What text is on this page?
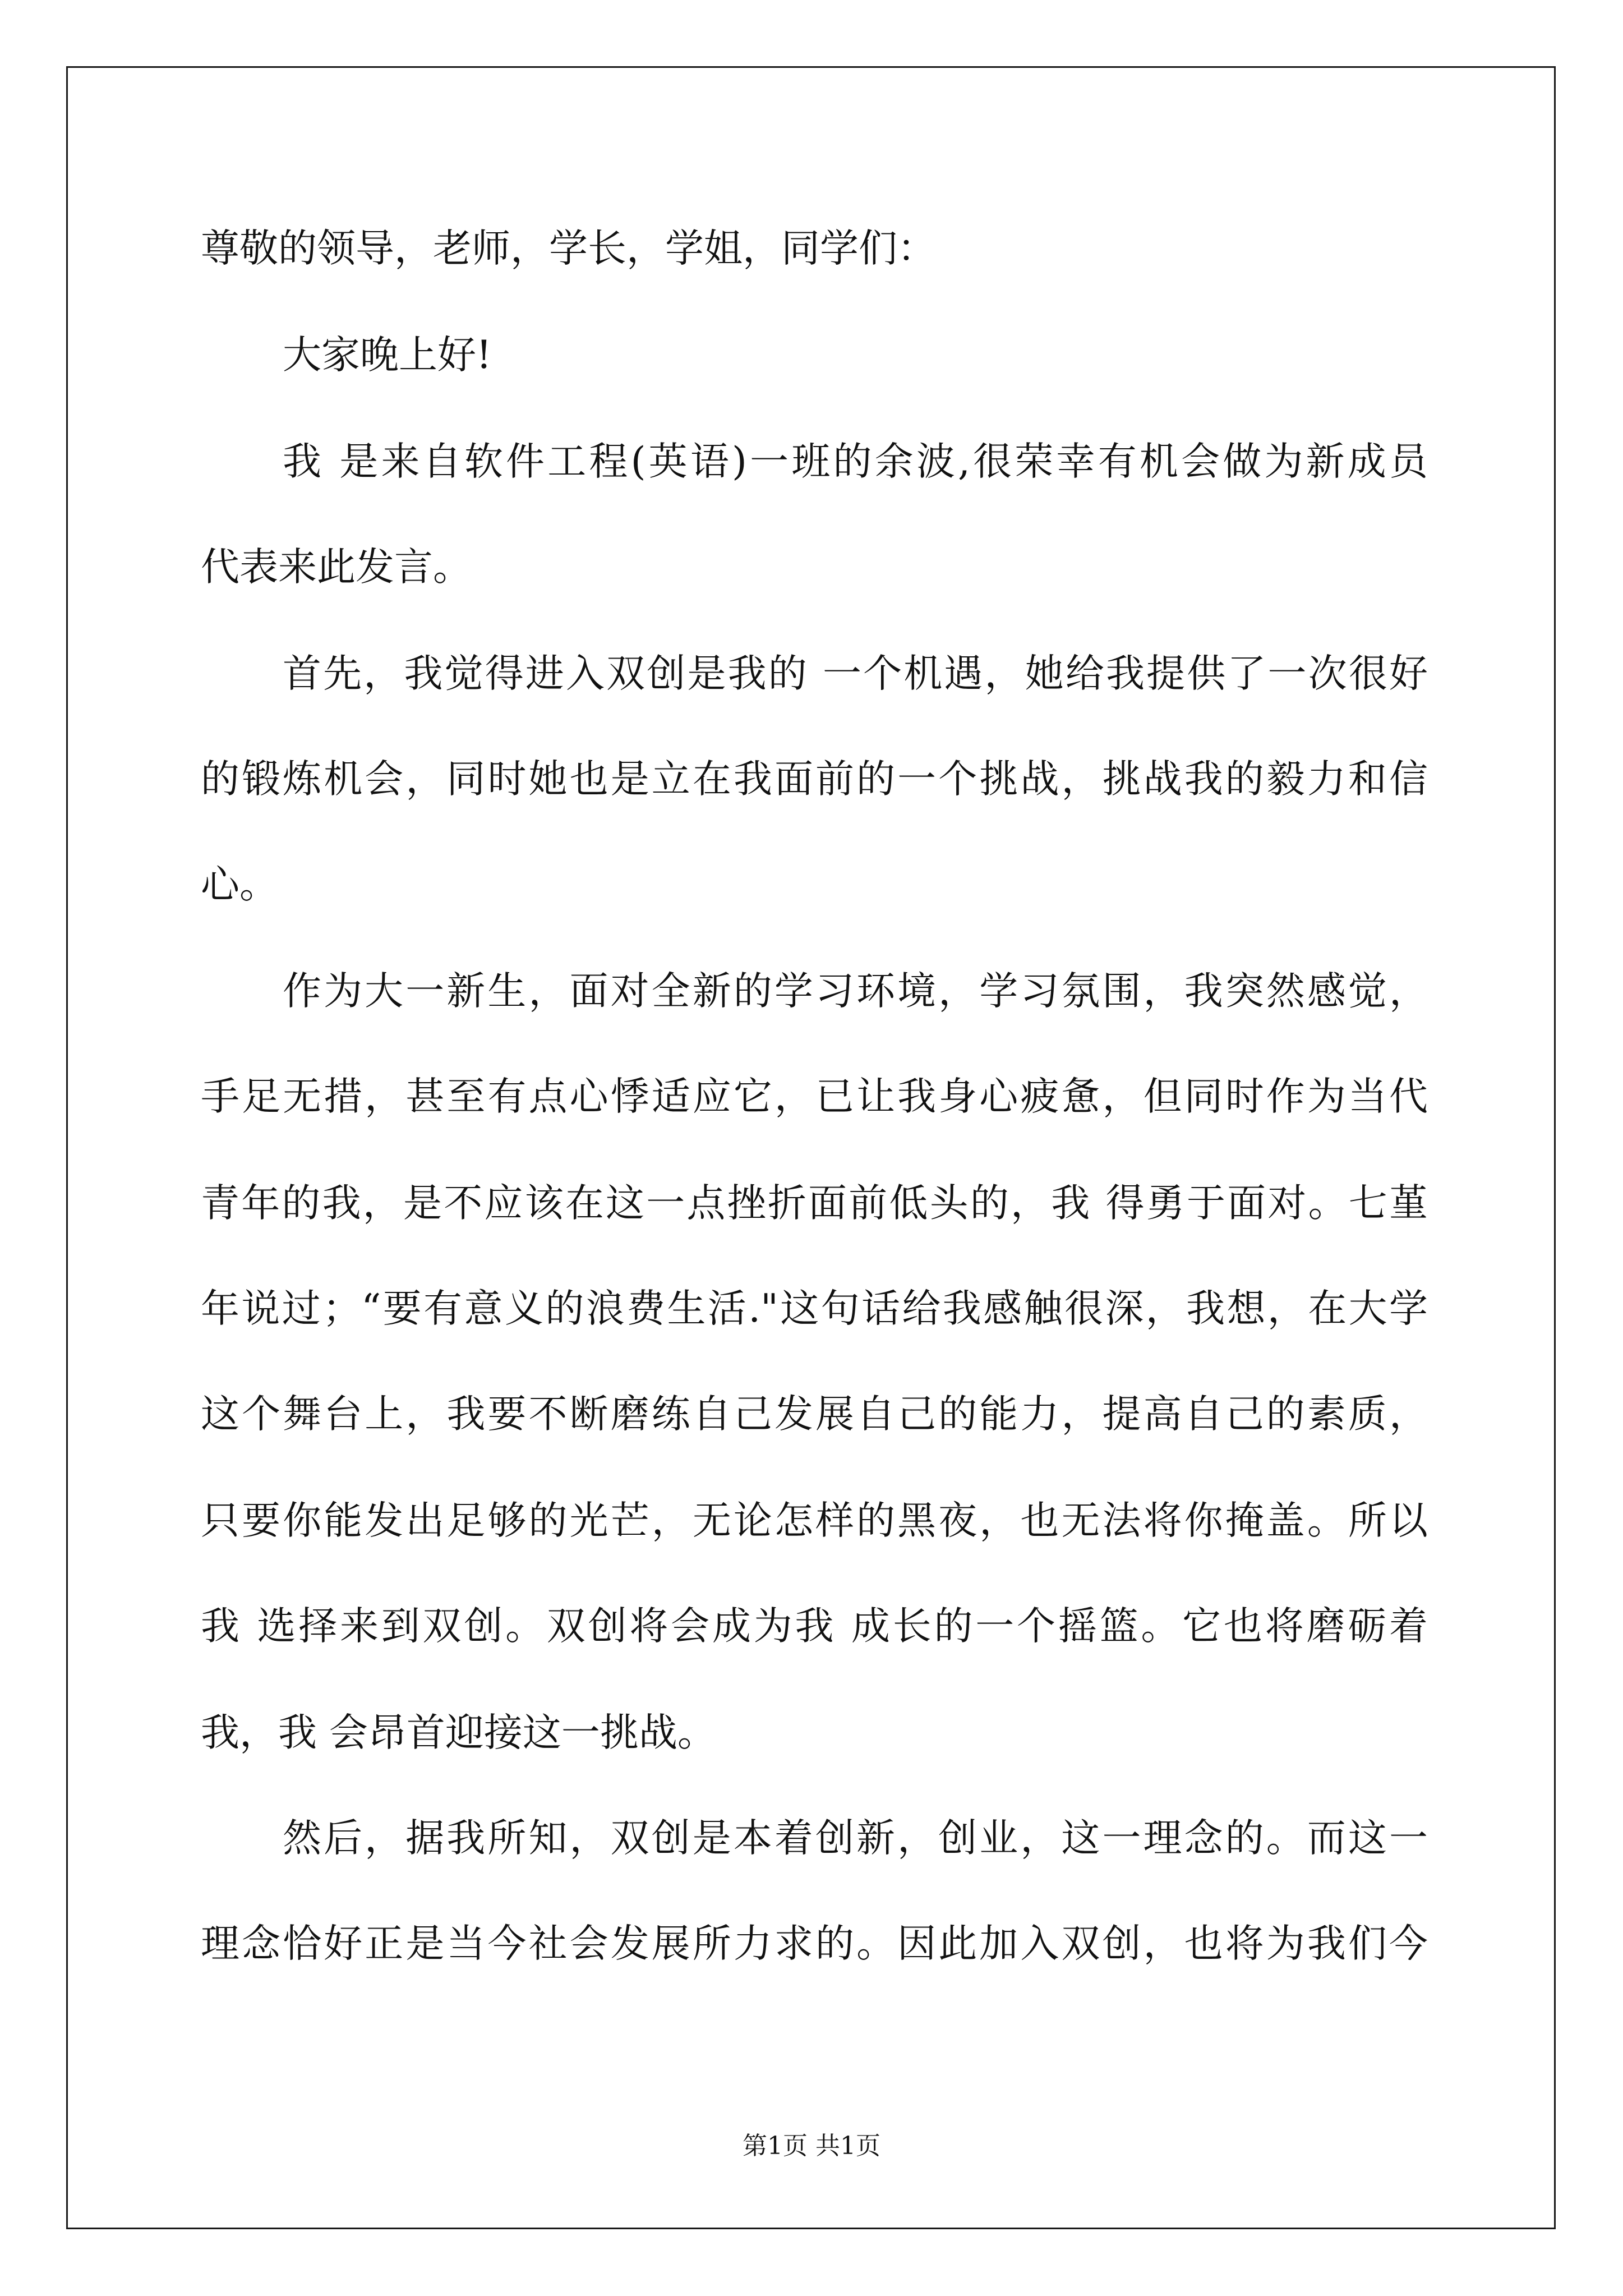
尊敬的领导，老师，学长，学姐，同学们：
大家晚上好!
我 是来自软件工程(英语)一班的余波,很荣幸有机会做为新成员
代表来此发言。
首先，我觉得进入双创是我的 一个机遇，她给我提供了一次很好
的锻炼机会，同时她也是立在我面前的一个挑战，挑战我的毅力和信
心。
作为大一新生，面对全新的学习环境，学习氛围，我突然感觉，
手足无措，甚至有点心悸适应它，已让我身心疲惫，但同时作为当代
青年的我，是不应该在这一点挫折面前低头的，我 得勇于面对。七堇
年说过；“要有意义的浪费生活."这句话给我感触很深，我想，在大学
这个舞台上，我要不断磨练自己发展自己的能力，提高自己的素质，
只要你能发出足够的光芒，无论怎样的黑夜，也无法将你掩盖。所以
我 选择来到双创。双创将会成为我 成长的一个摇篮。它也将磨砺着
我，我 会昂首迎接这一挑战。
然后，据我所知，双创是本着创新，创业，这一理念的。而这一
理念恰好正是当今社会发展所力求的。因此加入双创，也将为我们今
第1页 共1页
